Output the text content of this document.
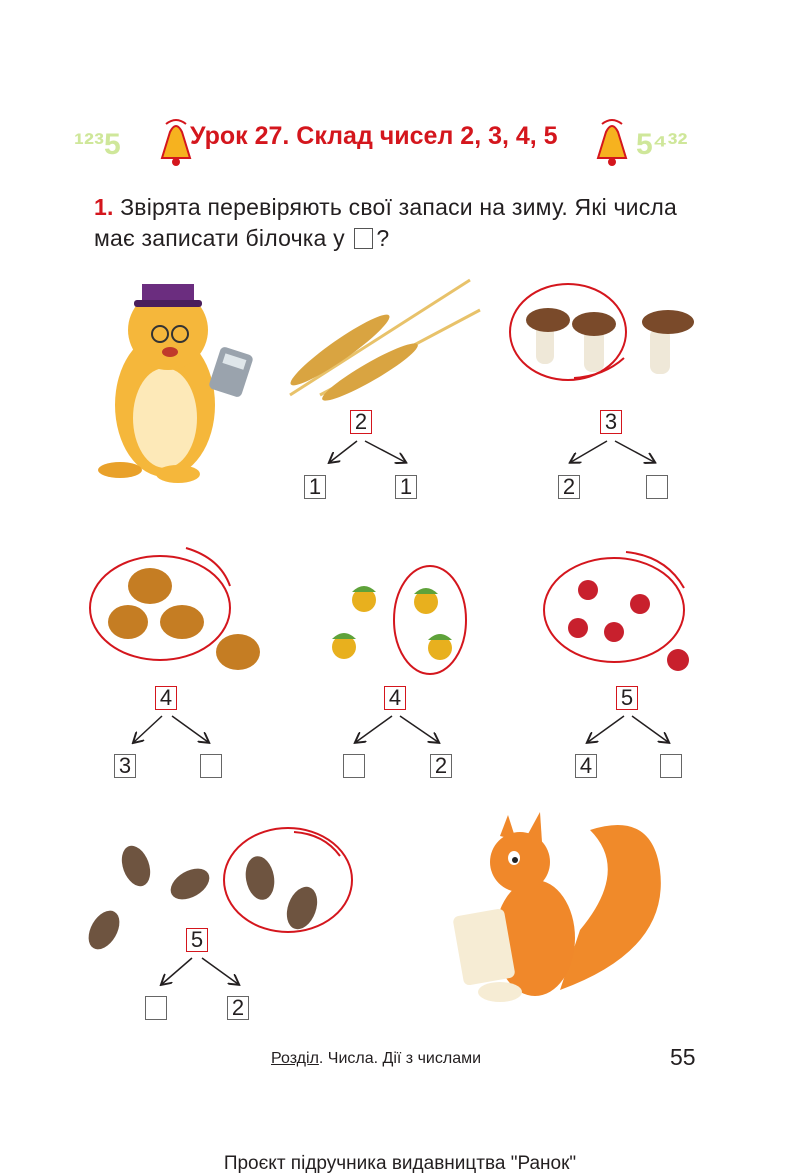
¹²³5	5⁴³²
Урок 27. Склад чисел 2, 3, 4, 5
1. Звірята перевіряють свої запаси на зиму. Які числа має записати білочка у ?
2
1	1
3
2
4
3
4
2
5
4
5
2
Розділ. Числа. Дії з числами	55
Проєкт підручника видавництва "Ранок"
